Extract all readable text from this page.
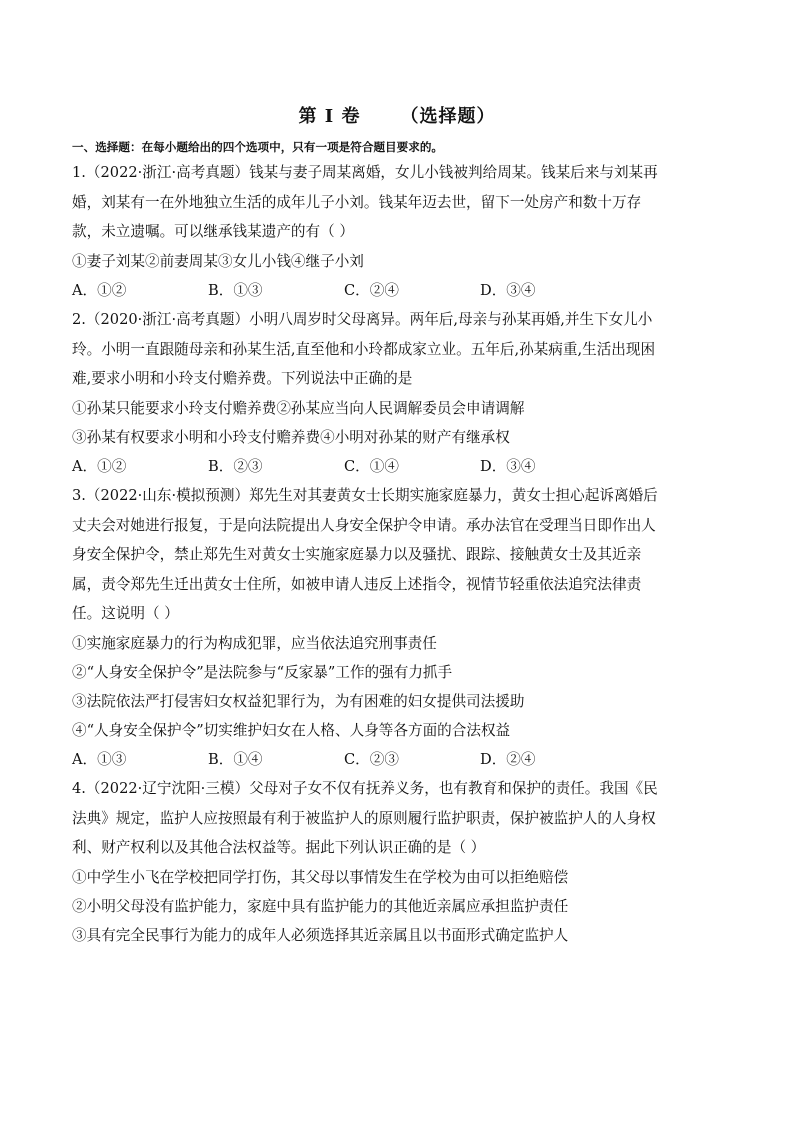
第 I 卷 （选择题）
一、选择题：在每小题给出的四个选项中，只有一项是符合题目要求的。
1.（2022·浙江·高考真题）钱某与妻子周某离婚，女儿小钱被判给周某。钱某后来与刘某再
婚，刘某有一在外地独立生活的成年儿子小刘。钱某年迈去世，留下一处房产和数十万存
款，未立遗嘱。可以继承钱某遗产的有（ ）
①妻子刘某②前妻周某③女儿小钱④继子小刘
A．①②	B．①③	C．②④	D．③④
2.（2020·浙江·高考真题）小明八周岁时父母离异。两年后,母亲与孙某再婚,并生下女儿小
玲。小明一直跟随母亲和孙某生活,直至他和小玲都成家立业。五年后,孙某病重,生活出现困
难,要求小明和小玲支付赡养费。下列说法中正确的是
①孙某只能要求小玲支付赡养费②孙某应当向人民调解委员会申请调解
③孙某有权要求小明和小玲支付赡养费④小明对孙某的财产有继承权
A．①②	B．②③	C．①④	D．③④
3.（2022·山东·模拟预测）郑先生对其妻黄女士长期实施家庭暴力，黄女士担心起诉离婚后
丈夫会对她进行报复，于是向法院提出人身安全保护令申请。承办法官在受理当日即作出人
身安全保护令，禁止郑先生对黄女士实施家庭暴力以及骚扰、跟踪、接触黄女士及其近亲
属，责令郑先生迁出黄女士住所，如被申请人违反上述指令，视情节轻重依法追究法律责
任。这说明（ ）
①实施家庭暴力的行为构成犯罪，应当依法追究刑事责任
②“人身安全保护令”是法院参与“反家暴”工作的强有力抓手
③法院依法严打侵害妇女权益犯罪行为，为有困难的妇女提供司法援助
④“人身安全保护令”切实维护妇女在人格、人身等各方面的合法权益
A．①③	B．①④	C．②③	D．②④
4.（2022·辽宁沈阳·三模）父母对子女不仅有抚养义务，也有教育和保护的责任。我国《民
法典》规定，监护人应按照最有利于被监护人的原则履行监护职责，保护被监护人的人身权
利、财产权利以及其他合法权益等。据此下列认识正确的是（ ）
①中学生小飞在学校把同学打伤，其父母以事情发生在学校为由可以拒绝赔偿
②小明父母没有监护能力，家庭中具有监护能力的其他近亲属应承担监护责任
③具有完全民事行为能力的成年人必须选择其近亲属且以书面形式确定监护人
